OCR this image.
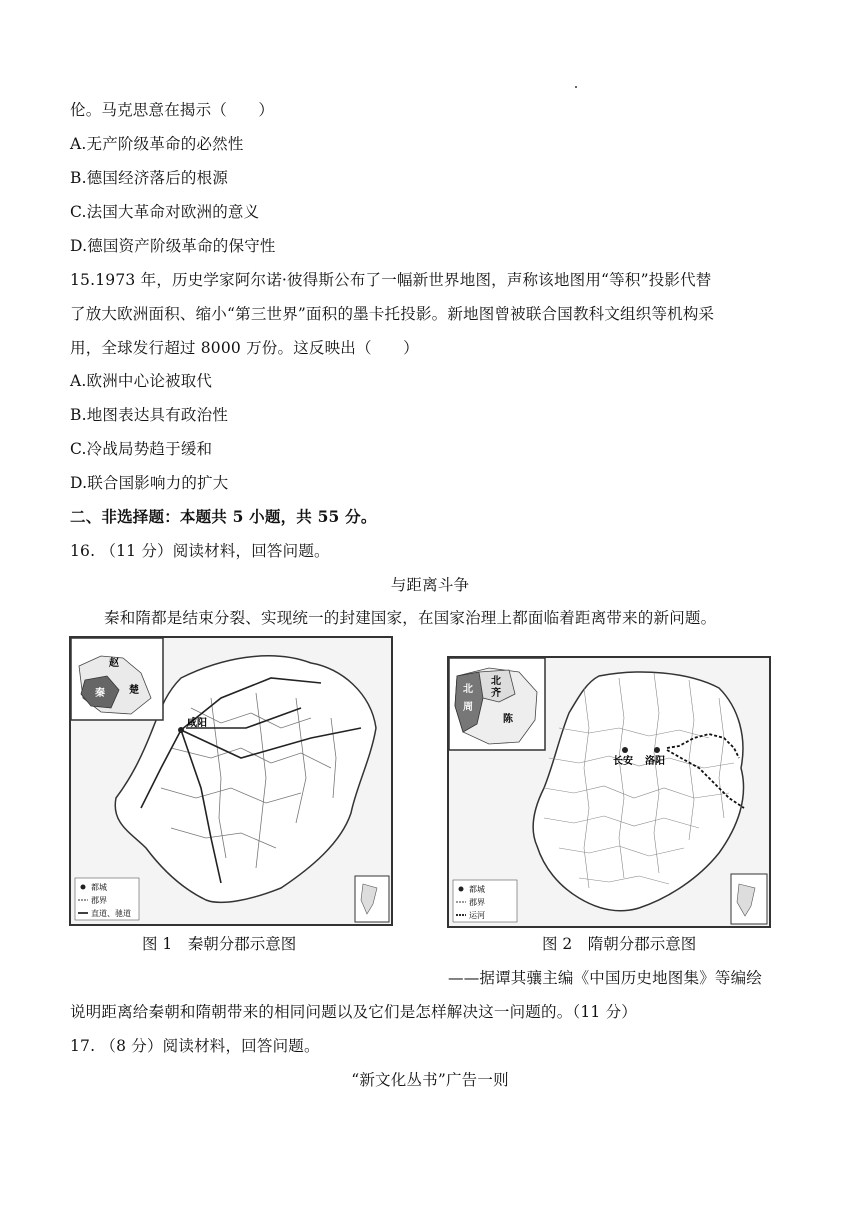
伦。马克思意在揭示（　　）
A.无产阶级革命的必然性
B.德国经济落后的根源
C.法国大革命对欧洲的意义
D.德国资产阶级革命的保守性
15.1973 年，历史学家阿尔诺·彼得斯公布了一幅新世界地图，声称该地图用“等积”投影代替
了放大欧洲面积、缩小“第三世界”面积的墨卡托投影。新地图曾被联合国教科文组织等机构采
用，全球发行超过 8000 万份。这反映出（　　）
A.欧洲中心论被取代
B.地图表达具有政治性
C.冷战局势趋于缓和
D.联合国影响力的扩大
二、非选择题：本题共 5 小题，共 55 分。
16. （11 分）阅读材料，回答问题。
与距离斗争
秦和隋都是结束分裂、实现统一的封建国家，在国家治理上都面临着距离带来的新问题。
咸阳
赵
楚
秦
都城
郡界
直道、驰道
长安 洛阳
北
周
北
齐
陈
都城
郡界
运河
图 1　秦朝分郡示意图	图 2　隋朝分郡示意图
——据谭其骧主编《中国历史地图集》等编绘
说明距离给秦朝和隋朝带来的相同问题以及它们是怎样解决这一问题的。（11 分）
17. （8 分）阅读材料，回答问题。
“新文化丛书”广告一则
